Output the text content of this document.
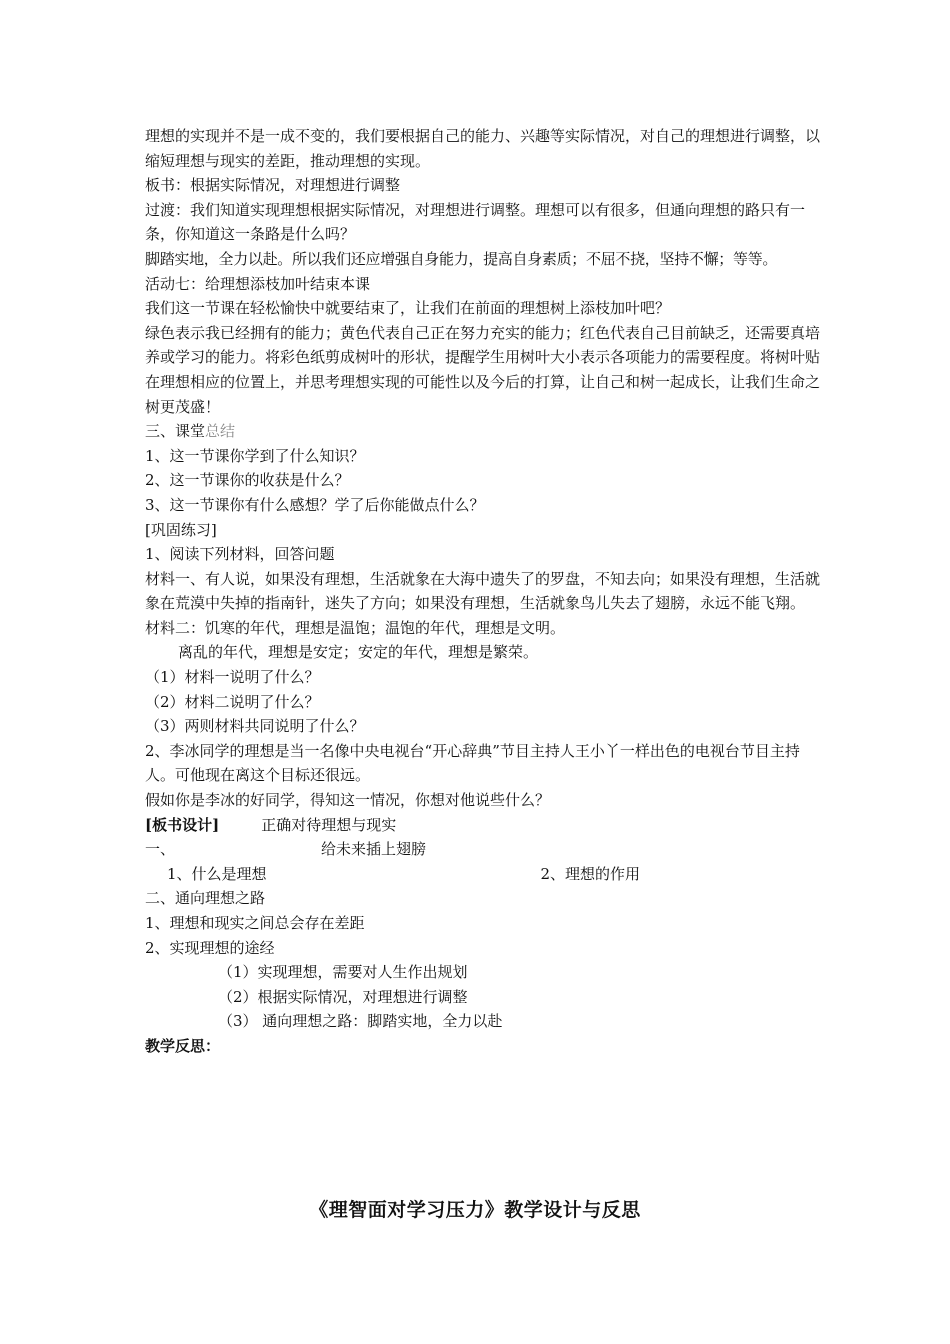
理想的实现并不是一成不变的，我们要根据自己的能力、兴趣等实际情况，对自己的理想进行调整，以缩短理想与现实的差距，推动理想的实现。

板书：根据实际情况，对理想进行调整

过渡：我们知道实现理想根据实际情况，对理想进行调整。理想可以有很多，但通向理想的路只有一条，你知道这一条路是什么吗？

脚踏实地，全力以赴。所以我们还应增强自身能力，提高自身素质；不屈不挠，坚持不懈；等等。

活动七：给理想添枝加叶结束本课

我们这一节课在轻松愉快中就要结束了，让我们在前面的理想树上添枝加叶吧？

绿色表示我已经拥有的能力；黄色代表自己正在努力充实的能力；红色代表自己目前缺乏，还需要真培养或学习的能力。将彩色纸剪成树叶的形状，提醒学生用树叶大小表示各项能力的需要程度。将树叶贴在理想相应的位置上，并思考理想实现的可能性以及今后的打算，让自己和树一起成长，让我们生命之树更茂盛！

三、课堂总结

1、这一节课你学到了什么知识？

2、这一节课你的收获是什么？

3、这一节课你有什么感想？学了后你能做点什么？

[巩固练习]

1、阅读下列材料，回答问题

材料一、有人说，如果没有理想，生活就象在大海中遗失了的罗盘，不知去向；如果没有理想，生活就象在荒漠中失掉的指南针，迷失了方向；如果没有理想，生活就象鸟儿失去了翅膀，永远不能飞翔。

材料二：饥寒的年代，理想是温饱；温饱的年代，理想是文明。

离乱的年代，理想是安定；安定的年代，理想是繁荣。

（1）材料一说明了什么？

（2）材料二说明了什么？

（3）两则材料共同说明了什么？

2、李冰同学的理想是当一名像中央电视台“开心辞典”节目主持人王小丫一样出色的电视台节目主持人。可他现在离这个目标还很远。

假如你是李冰的好同学，得知这一情况，你想对他说些什么？

[板书设计]	正确对待理想与现实

一、	给未来插上翅膀

1、什么是理想	2、理想的作用

二、通向理想之路

1、理想和现实之间总会存在差距

2、实现理想的途经

（1）实现理想，需要对人生作出规划

（2）根据实际情况，对理想进行调整

（3） 通向理想之路：脚踏实地，全力以赴

教学反思：

《理智面对学习压力》教学设计与反思
